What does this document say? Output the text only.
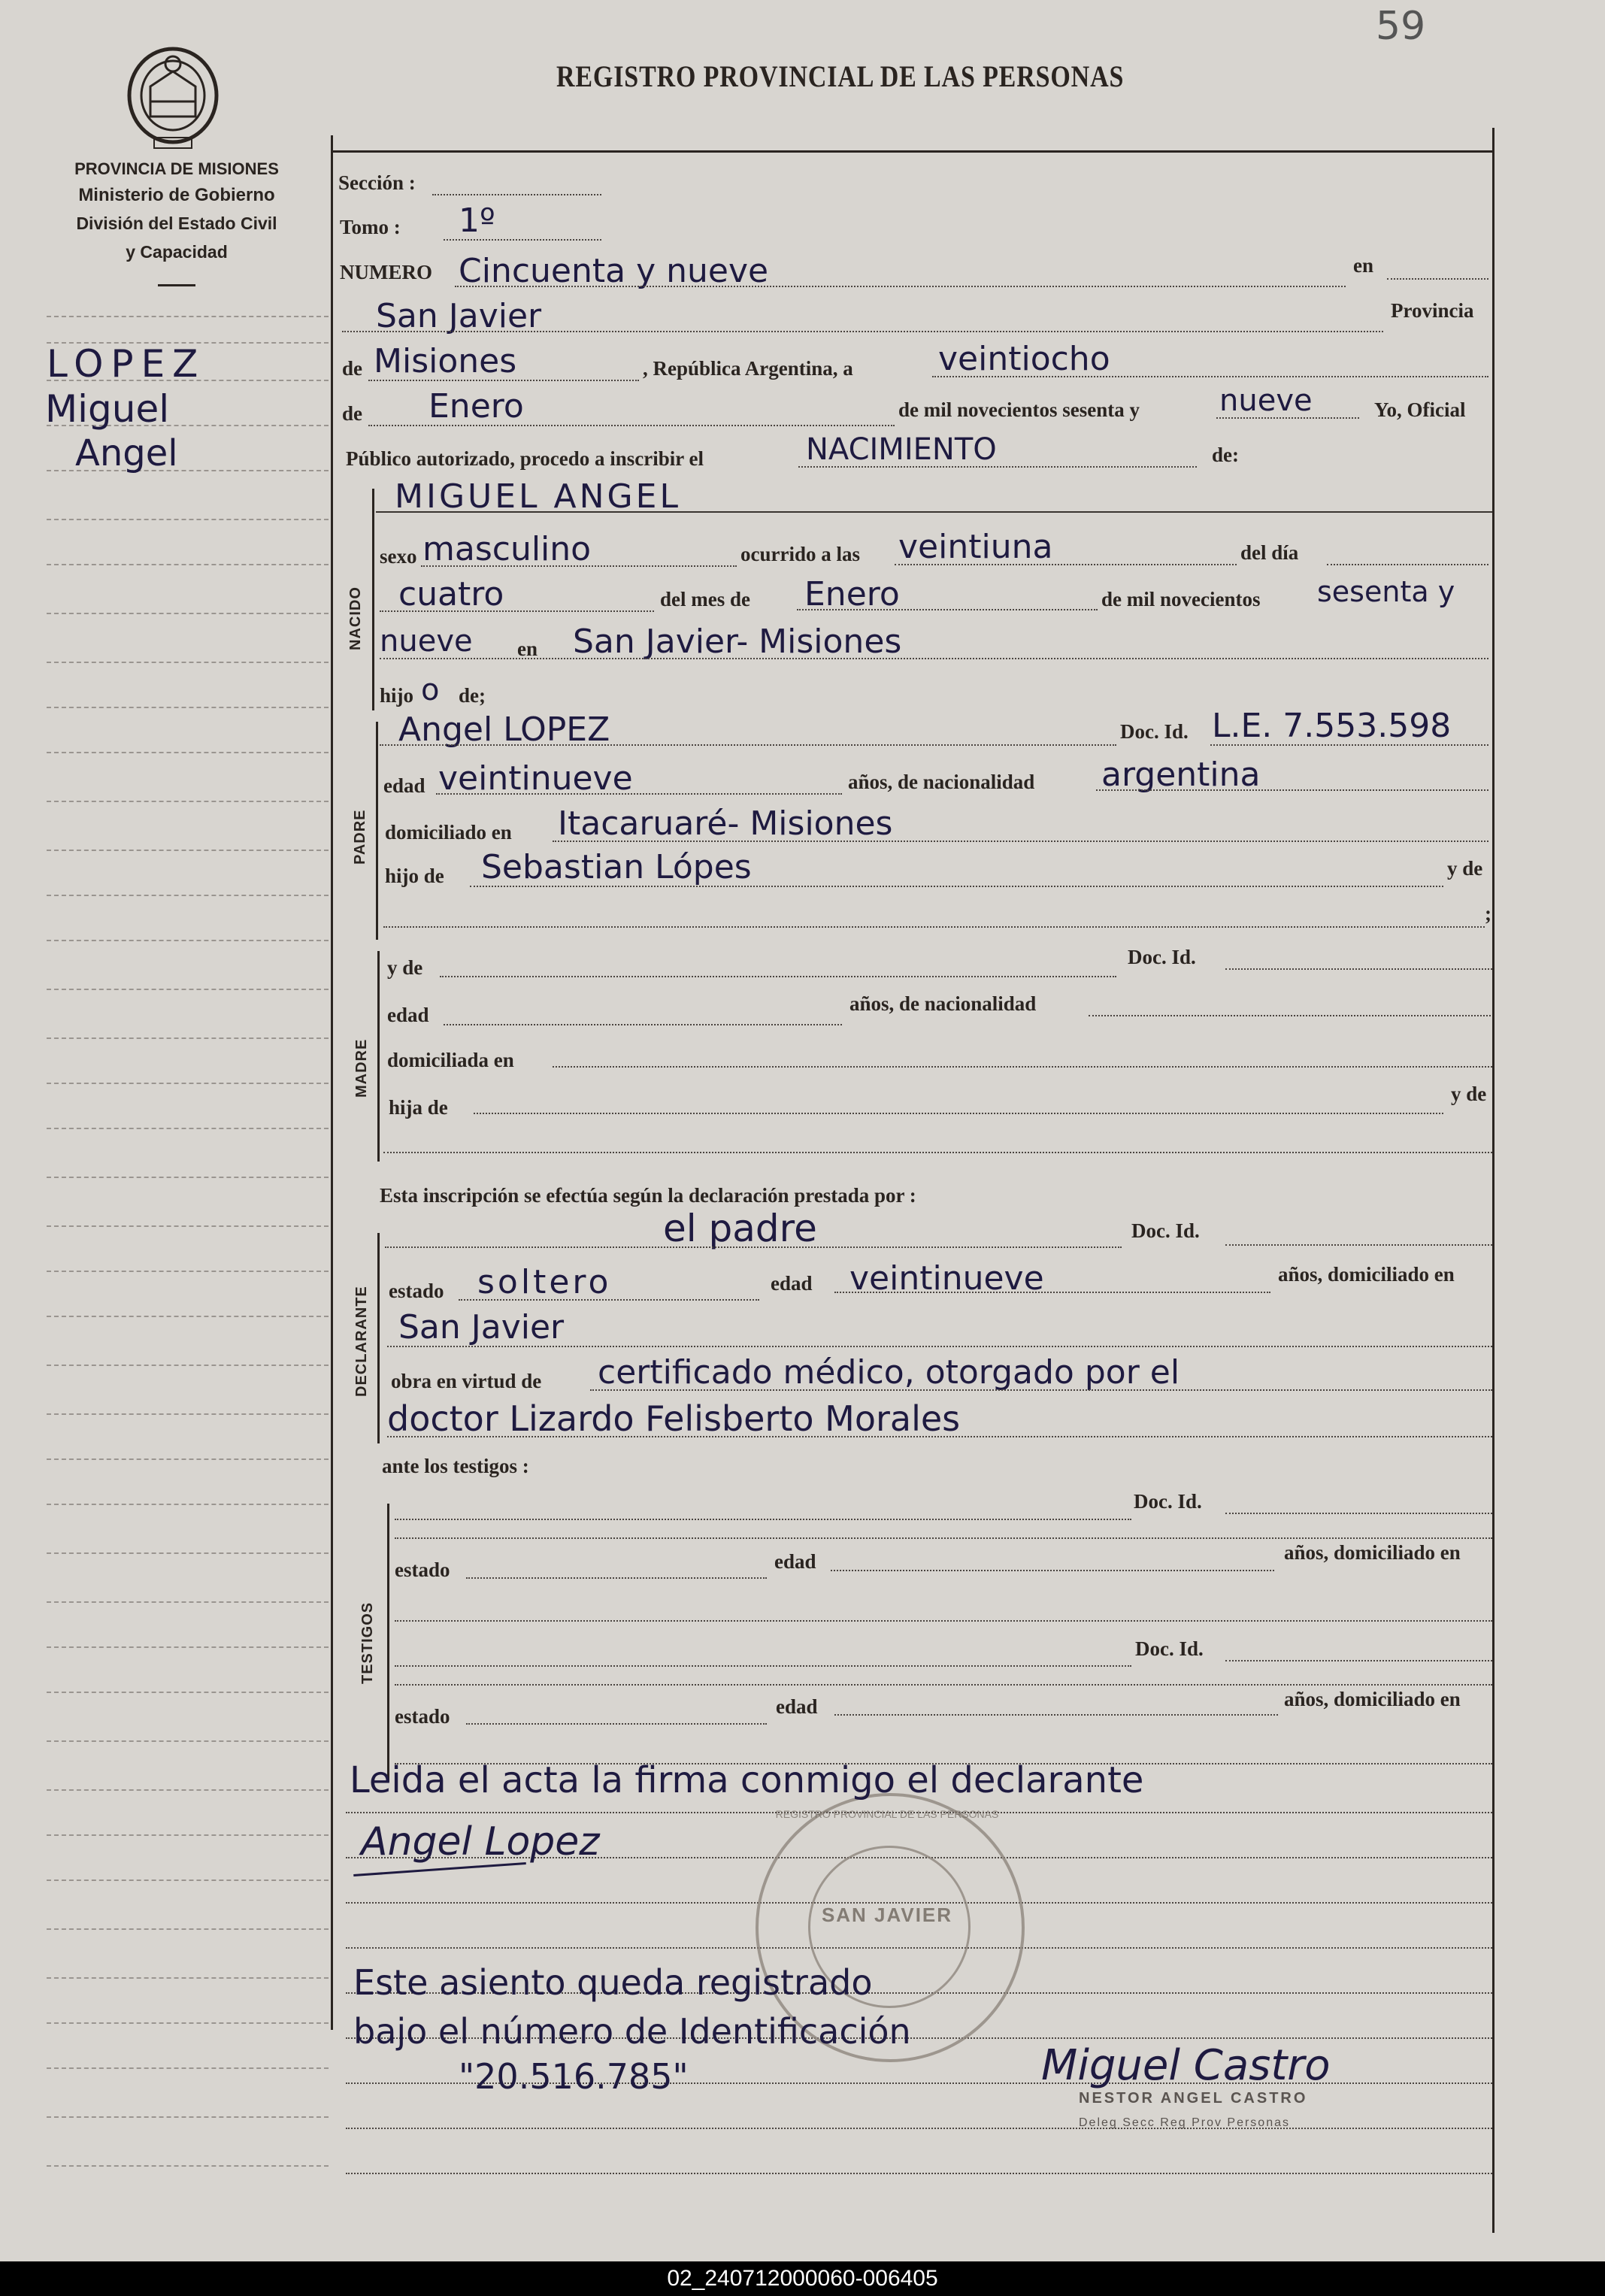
59
PROVINCIA DE MISIONES
Ministerio de Gobierno
División del Estado Civil
y Capacidad
REGISTRO PROVINCIAL DE LAS PERSONAS
LOPEZ
Miguel
Angel
Sección :
Tomo : 1º
NUMERO Cincuenta y nueve	en
San Javier	Provincia
de Misiones	, República Argentina, a	veintiocho
de Enero	de mil novecientos sesenta y	nueve	Yo, Oficial
Público autorizado, procedo a inscribir el	NACIMIENTO	de:
NACIDO
MIGUEL ANGEL
sexo masculino	ocurrido a las veintiuna	del día
cuatro	del mes de Enero	de mil novecientos sesenta y
nueve en San Javier- Misiones
hijo o de;
PADRE
Angel LOPEZ	Doc. Id. L.E. 7.553.598
edad veintinueve	años, de nacionalidad argentina
domiciliado en Itacaruaré- Misiones
hijo de Sebastian Lópes	y de
;
MADRE
y de	Doc. Id.
edad	años, de nacionalidad
domiciliada en
hija de
y de
Esta inscripción se efectúa según la declaración prestada por :
DECLARANTE
el padre	Doc. Id.
estado soltero	edad veintinueve	años, domiciliado en
San Javier
obra en virtud de certificado médico, otorgado por el
doctor Lizardo Felisberto Morales
ante los testigos :
TESTIGOS
Doc. Id.
estado	edad	años, domiciliado en
Doc. Id.
estado	edad	años, domiciliado en
SAN JAVIER
REGISTRO PROVINCIAL DE LAS PERSONAS
Leida el acta la firma conmigo el declarante
Angel Lopez
Este asiento queda registrado
bajo el número de Identificación
"20.516.785"	Miguel Castro
NESTOR ANGEL CASTRO
Deleg Secc Reg Prov Personas
02_240712000060-006405
